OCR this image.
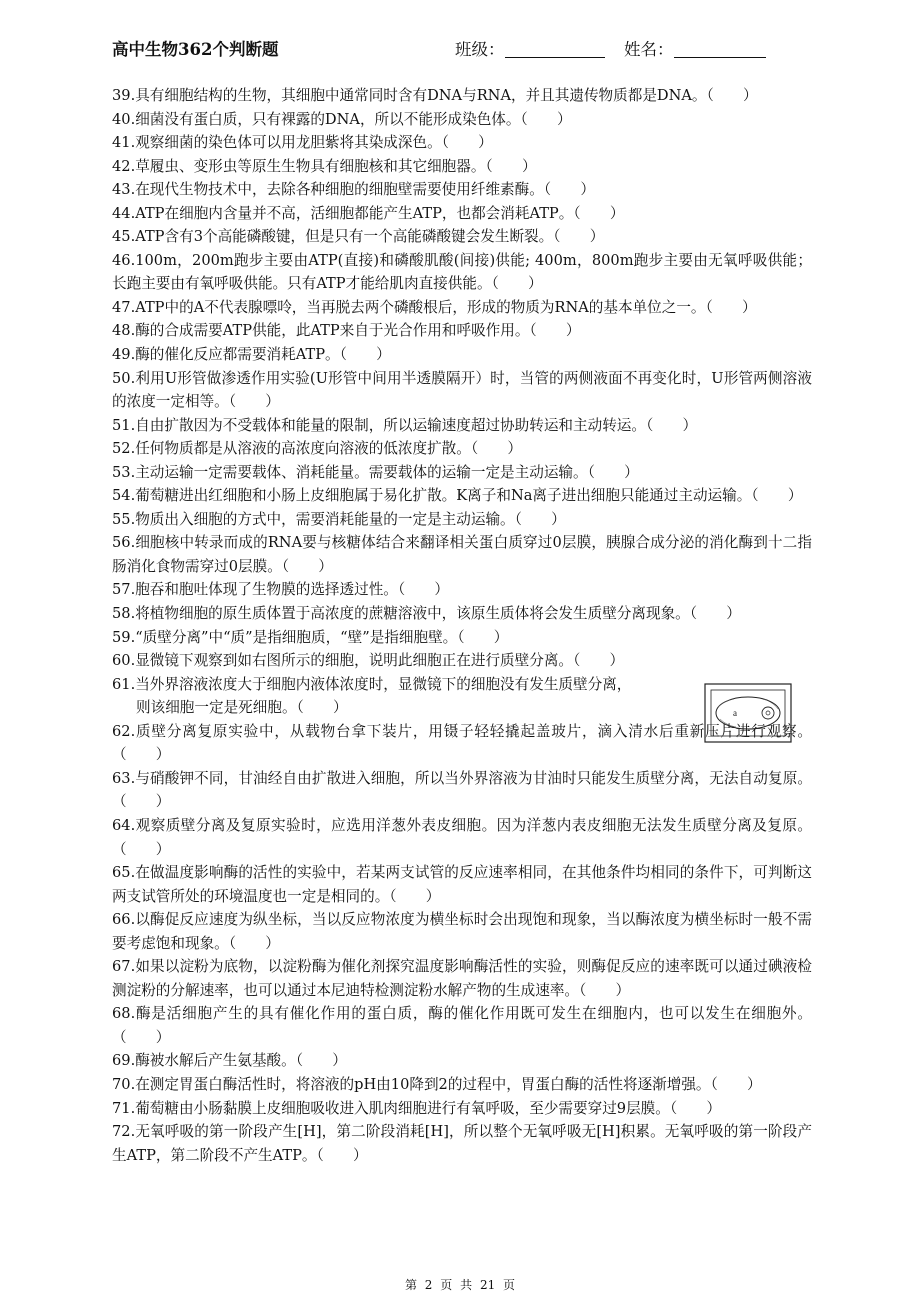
高中生物362个判断题	班级：	姓名：
39.具有细胞结构的生物，其细胞中通常同时含有DNA与RNA，并且其遗传物质都是DNA。（　　）
40.细菌没有蛋白质，只有裸露的DNA，所以不能形成染色体。（　　）
41.观察细菌的染色体可以用龙胆紫将其染成深色。（　　）
42.草履虫、变形虫等原生生物具有细胞核和其它细胞器。（　　）
43.在现代生物技术中，去除各种细胞的细胞壁需要使用纤维素酶。（　　）
44.ATP在细胞内含量并不高，活细胞都能产生ATP，也都会消耗ATP。（　　）
45.ATP含有3个高能磷酸键，但是只有一个高能磷酸键会发生断裂。（　　）
46.100m，200m跑步主要由ATP(直接)和磷酸肌酸(间接)供能; 400m，800m跑步主要由无氧呼吸供能；长跑主要由有氧呼吸供能。只有ATP才能给肌肉直接供能。（　　）
47.ATP中的A不代表腺嘌呤，当再脱去两个磷酸根后，形成的物质为RNA的基本单位之一。（　　）
48.酶的合成需要ATP供能，此ATP来自于光合作用和呼吸作用。（　　）
49.酶的催化反应都需要消耗ATP。（　　）
50.利用U形管做渗透作用实验(U形管中间用半透膜隔开）时，当管的两侧液面不再变化时，U形管两侧溶液的浓度一定相等。（　　）
51.自由扩散因为不受载体和能量的限制，所以运输速度超过协助转运和主动转运。（　　）
52.任何物质都是从溶液的高浓度向溶液的低浓度扩散。（　　）
53.主动运输一定需要载体、消耗能量。需要载体的运输一定是主动运输。（　　）
54.葡萄糖进出红细胞和小肠上皮细胞属于易化扩散。K离子和Na离子进出细胞只能通过主动运输。（　　）
55.物质出入细胞的方式中，需要消耗能量的一定是主动运输。（　　）
56.细胞核中转录而成的RNA要与核糖体结合来翻译相关蛋白质穿过0层膜，胰腺合成分泌的消化酶到十二指肠消化食物需穿过0层膜。（　　）
57.胞吞和胞吐体现了生物膜的选择透过性。（　　）
58.将植物细胞的原生质体置于高浓度的蔗糖溶液中，该原生质体将会发生质壁分离现象。（　　）
59.“质壁分离”中“质”是指细胞质，“壁”是指细胞壁。（　　）
60.显微镜下观察到如右图所示的细胞，说明此细胞正在进行质壁分离。（　　）
61.当外界溶液浓度大于细胞内液体浓度时，显微镜下的细胞没有发生质壁分离，
则该细胞一定是死细胞。（　　）
62.质壁分离复原实验中，从载物台拿下装片，用镊子轻轻撬起盖玻片，滴入清水后重新压片进行观察。（　　）
63.与硝酸钾不同，甘油经自由扩散进入细胞，所以当外界溶液为甘油时只能发生质壁分离，无法自动复原。（　　）
64.观察质壁分离及复原实验时，应选用洋葱外表皮细胞。因为洋葱内表皮细胞无法发生质壁分离及复原。（　　）
65.在做温度影响酶的活性的实验中，若某两支试管的反应速率相同，在其他条件均相同的条件下，可判断这两支试管所处的环境温度也一定是相同的。（　　）
66.以酶促反应速度为纵坐标，当以反应物浓度为横坐标时会出现饱和现象，当以酶浓度为横坐标时一般不需要考虑饱和现象。（　　）
67.如果以淀粉为底物，以淀粉酶为催化剂探究温度影响酶活性的实验，则酶促反应的速率既可以通过碘液检测淀粉的分解速率，也可以通过本尼迪特检测淀粉水解产物的生成速率。（　　）
68.酶是活细胞产生的具有催化作用的蛋白质，酶的催化作用既可发生在细胞内，也可以发生在细胞外。（　　）
69.酶被水解后产生氨基酸。（　　）
70.在测定胃蛋白酶活性时，将溶液的pH由10降到2的过程中，胃蛋白酶的活性将逐渐增强。（　　）
71.葡萄糖由小肠黏膜上皮细胞吸收进入肌肉细胞进行有氧呼吸，至少需要穿过9层膜。（　　）
72.无氧呼吸的第一阶段产生[H]，第二阶段消耗[H]，所以整个无氧呼吸无[H]积累。无氧呼吸的第一阶段产生ATP，第二阶段不产生ATP。（　　）
a
第 2 页 共 21 页
